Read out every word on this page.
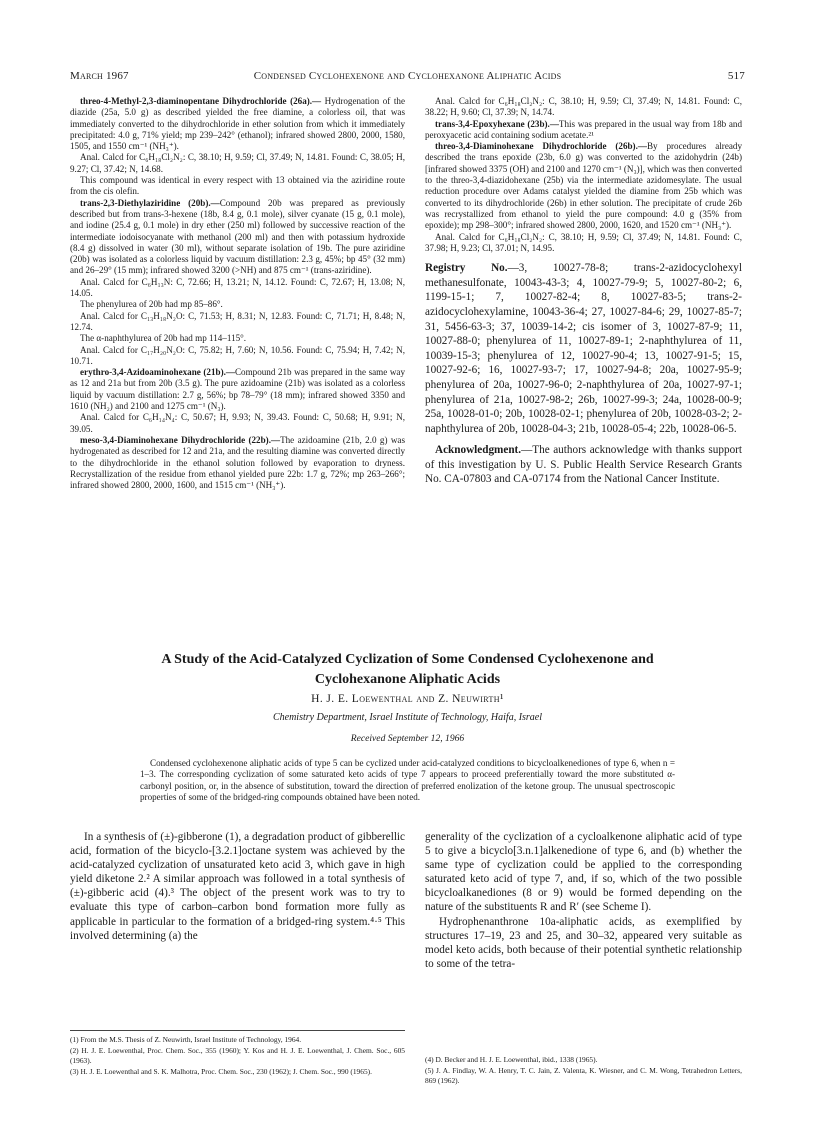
March 1967	Condensed Cyclohexenone and Cyclohexanone Aliphatic Acids	517

threo-4-Methyl-2,3-diaminopentane Dihydrochloride (26a).— Hydrogenation of the diazide (25a, 5.0 g) as described yielded the free diamine, a colorless oil, that was immediately converted to the dihydrochloride in ether solution from which it immediately precipitated: 4.0 g, 71% yield; mp 239–242° (ethanol); infrared showed 2800, 2000, 1580, 1505, and 1550 cm⁻¹ (NH₃⁺).

Anal. Calcd for C₆H₁₈Cl₂N₂: C, 38.10; H, 9.59; Cl, 37.49; N, 14.81. Found: C, 38.05; H, 9.27; Cl, 37.42; N, 14.68.

This compound was identical in every respect with 13 obtained via the aziridine route from the cis olefin.

trans-2,3-Diethylaziridine (20b).—Compound 20b was prepared as previously described but from trans-3-hexene (18b, 8.4 g, 0.1 mole), silver cyanate (15 g, 0.1 mole), and iodine (25.4 g, 0.1 mole) in dry ether (250 ml) followed by successive reaction of the intermediate iodoisocyanate with methanol (200 ml) and then with potassium hydroxide (8.4 g) dissolved in water (30 ml), without separate isolation of 19b. The pure aziridine (20b) was isolated as a colorless liquid by vacuum distillation: 2.3 g, 45%; bp 45° (32 mm) and 26–29° (15 mm); infrared showed 3200 (>NH) and 875 cm⁻¹ (trans-aziridine).

Anal. Calcd for C₆H₁₃N: C, 72.66; H, 13.21; N, 14.12. Found: C, 72.67; H, 13.08; N, 14.05.

The phenylurea of 20b had mp 85–86°.

Anal. Calcd for C₁₃H₁₈N₂O: C, 71.53; H, 8.31; N, 12.83. Found: C, 71.71; H, 8.48; N, 12.74.

The α-naphthylurea of 20b had mp 114–115°.

Anal. Calcd for C₁₇H₂₀N₂O: C, 75.82; H, 7.60; N, 10.56. Found: C, 75.94; H, 7.42; N, 10.71.

erythro-3,4-Azidoaminohexane (21b).—Compound 21b was prepared in the same way as 12 and 21a but from 20b (3.5 g). The pure azidoamine (21b) was isolated as a colorless liquid by vacuum distillation: 2.7 g, 56%; bp 78–79° (18 mm); infrared showed 3350 and 1610 (NH₂) and 2100 and 1275 cm⁻¹ (N₃).

Anal. Calcd for C₆H₁₄N₄: C, 50.67; H, 9.93; N, 39.43. Found: C, 50.68; H, 9.91; N, 39.05.

meso-3,4-Diaminohexane Dihydrochloride (22b).—The azidoamine (21b, 2.0 g) was hydrogenated as described for 12 and 21a, and the resulting diamine was converted directly to the dihydrochloride in the ethanol solution followed by evaporation to dryness. Recrystallization of the residue from ethanol yielded pure 22b: 1.7 g, 72%; mp 263–266°; infrared showed 2800, 2000, 1600, and 1515 cm⁻¹ (NH₃⁺).

Anal. Calcd for C₆H₁₈Cl₂N₂: C, 38.10; H, 9.59; Cl, 37.49; N, 14.81. Found: C, 38.22; H, 9.60; Cl, 37.39; N, 14.74.

trans-3,4-Epoxyhexane (23b).—This was prepared in the usual way from 18b and peroxyacetic acid containing sodium acetate.²¹

threo-3,4-Diaminohexane Dihydrochloride (26b).—By procedures already described the trans epoxide (23b, 6.0 g) was converted to the azidohydrin (24b) [infrared showed 3375 (OH) and 2100 and 1270 cm⁻¹ (N₃)], which was then converted to the threo-3,4-diazidohexane (25b) via the intermediate azidomesylate. The usual reduction procedure over Adams catalyst yielded the diamine from 25b which was converted to its dihydrochloride (26b) in ether solution. The precipitate of crude 26b was recrystallized from ethanol to yield the pure compound: 4.0 g (35% from epoxide); mp 298–300°; infrared showed 2800, 2000, 1620, and 1520 cm⁻¹ (NH₃⁺).

Anal. Calcd for C₆H₁₈Cl₂N₂: C, 38.10; H, 9.59; Cl, 37.49; N, 14.81. Found: C, 37.98; H, 9.23; Cl, 37.01; N, 14.95.

Registry No.—3, 10027-78-8; trans-2-azidocyclohexyl methanesulfonate, 10043-43-3; 4, 10027-79-9; 5, 10027-80-2; 6, 1199-15-1; 7, 10027-82-4; 8, 10027-83-5; trans-2-azidocyclohexylamine, 10043-36-4; 27, 10027-84-6; 29, 10027-85-7; 31, 5456-63-3; 37, 10039-14-2; cis isomer of 3, 10027-87-9; 11, 10027-88-0; phenylurea of 11, 10027-89-1; 2-naphthylurea of 11, 10039-15-3; phenylurea of 12, 10027-90-4; 13, 10027-91-5; 15, 10027-92-6; 16, 10027-93-7; 17, 10027-94-8; 20a, 10027-95-9; phenylurea of 20a, 10027-96-0; 2-naphthylurea of 20a, 10027-97-1; phenylurea of 21a, 10027-98-2; 26b, 10027-99-3; 24a, 10028-00-9; 25a, 10028-01-0; 20b, 10028-02-1; phenylurea of 20b, 10028-03-2; 2-naphthylurea of 20b, 10028-04-3; 21b, 10028-05-4; 22b, 10028-06-5.

Acknowledgment.—The authors acknowledge with thanks support of this investigation by U. S. Public Health Service Research Grants No. CA-07803 and CA-07174 from the National Cancer Institute.

A Study of the Acid-Catalyzed Cyclization of Some Condensed Cyclohexenone and
Cyclohexanone Aliphatic Acids
H. J. E. Loewenthal and Z. Neuwirth¹
Chemistry Department, Israel Institute of Technology, Haifa, Israel
Received September 12, 1966
Condensed cyclohexenone aliphatic acids of type 5 can be cyclized under acid-catalyzed conditions to bicycloalkenediones of type 6, when n = 1–3. The corresponding cyclization of some saturated keto acids of type 7 appears to proceed preferentially toward the more substituted α-carbonyl position, or, in the absence of substitution, toward the direction of preferred enolization of the ketone group. The unusual spectroscopic properties of some of the bridged-ring compounds obtained have been noted.

In a synthesis of (±)-gibberone (1), a degradation product of gibberellic acid, formation of the bicyclo-[3.2.1]octane system was achieved by the acid-catalyzed cyclization of unsaturated keto acid 3, which gave in high yield diketone 2.² A similar approach was followed in a total synthesis of (±)-gibberic acid (4).³ The object of the present work was to try to evaluate this type of carbon–carbon bond formation more fully as applicable in particular to the formation of a bridged-ring system.⁴·⁵ This involved determining (a) the

generality of the cyclization of a cycloalkenone aliphatic acid of type 5 to give a bicyclo[3.n.1]alkenedione of type 6, and (b) whether the same type of cyclization could be applied to the corresponding saturated keto acid of type 7, and, if so, which of the two possible bicycloalkanediones (8 or 9) would be formed depending on the nature of the substituents R and R′ (see Scheme I).

Hydrophenanthrone 10a-aliphatic acids, as exemplified by structures 17–19, 23 and 25, and 30–32, appeared very suitable as model keto acids, both because of their potential synthetic relationship to some of the tetra-

(1) From the M.S. Thesis of Z. Neuwirth, Israel Institute of Technology, 1964.

(2) H. J. E. Loewenthal, Proc. Chem. Soc., 355 (1960); Y. Kos and H. J. E. Loewenthal, J. Chem. Soc., 605 (1963).

(3) H. J. E. Loewenthal and S. K. Malhotra, Proc. Chem. Soc., 230 (1962); J. Chem. Soc., 990 (1965).

(4) D. Becker and H. J. E. Loewenthal, ibid., 1338 (1965).

(5) J. A. Findlay, W. A. Henry, T. C. Jain, Z. Valenta, K. Wiesner, and C. M. Wong, Tetrahedron Letters, 869 (1962).
